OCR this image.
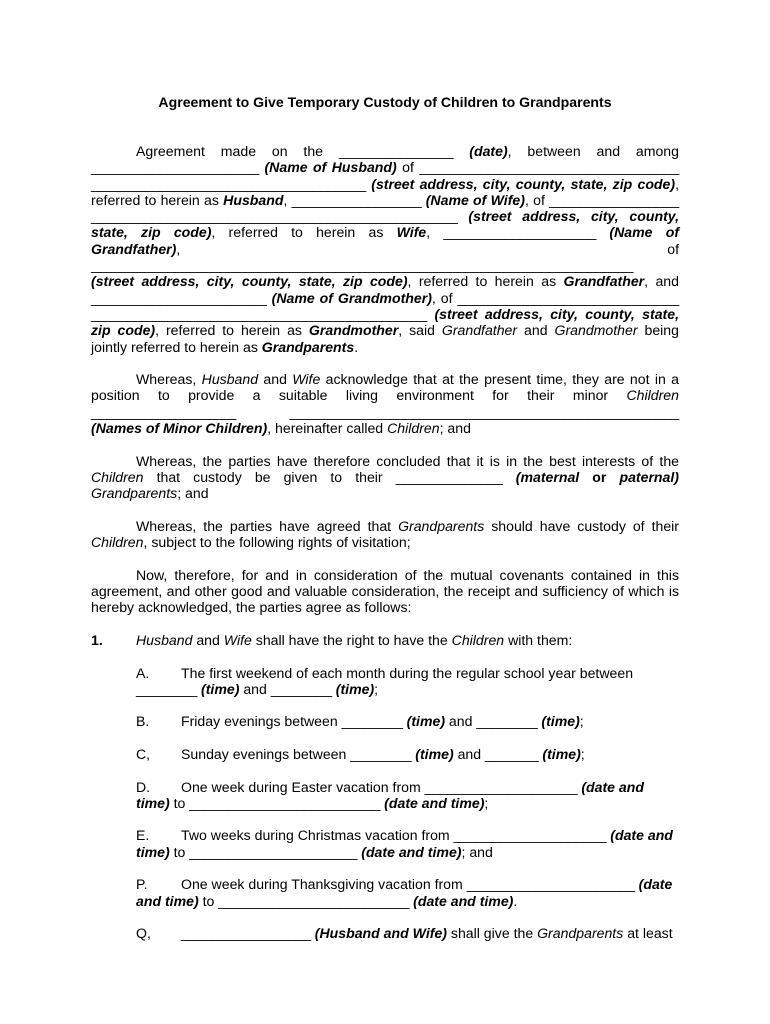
Agreement to Give Temporary Custody of Children to Grandparents

Agreement made on the _______________ (date), between and among ______________________ (Name of Husband) of __________________________________ ____________________________________ (street address, city, county, state, zip code), referred to herein as Husband, _________________ (Name of Wife), of _________________ ________________________________________________ (street address, city, county, state, zip code), referred to herein as Wife, ____________________ (Name of Grandfather),	of _______________________________________________________________________ (street address, city, county, state, zip code), referred to herein as Grandfather, and _______________________ (Name of Grandmother), of _____________________________ ____________________________________________ (street address, city, county, state, zip code), referred to herein as Grandmother, said Grandfather and Grandmother being jointly referred to herein as Grandparents.

Whereas, Husband and Wife acknowledge that at the present time, they are not in a position to provide a suitable living environment for their minor Children ___________________	___________________________________________________ (Names of Minor Children), hereinafter called Children; and

Whereas, the parties have therefore concluded that it is in the best interests of the Children that custody be given to their ______________ (maternal or paternal) Grandparents; and

Whereas, the parties have agreed that Grandparents should have custody of their Children, subject to the following rights of visitation;

Now, therefore, for and in consideration of the mutual covenants contained in this agreement, and other good and valuable consideration, the receipt and sufficiency of which is hereby acknowledged, the parties agree as follows:

1. Husband and Wife shall have the right to have the Children with them:
A. The first weekend of each month during the regular school year between
________ (time) and ________ (time);
B. Friday evenings between ________ (time) and ________ (time);
C, Sunday evenings between ________ (time) and _______ (time);
D. One week during Easter vacation from ____________________ (date and time) to _________________________ (date and time);
E. Two weeks during Christmas vacation from ____________________ (date and time) to ______________________ (date and time); and
P. One week during Thanksgiving vacation from ______________________ (date and time) to _________________________ (date and time).
Q, _________________ (Husband and Wife) shall give the Grandparents at least
